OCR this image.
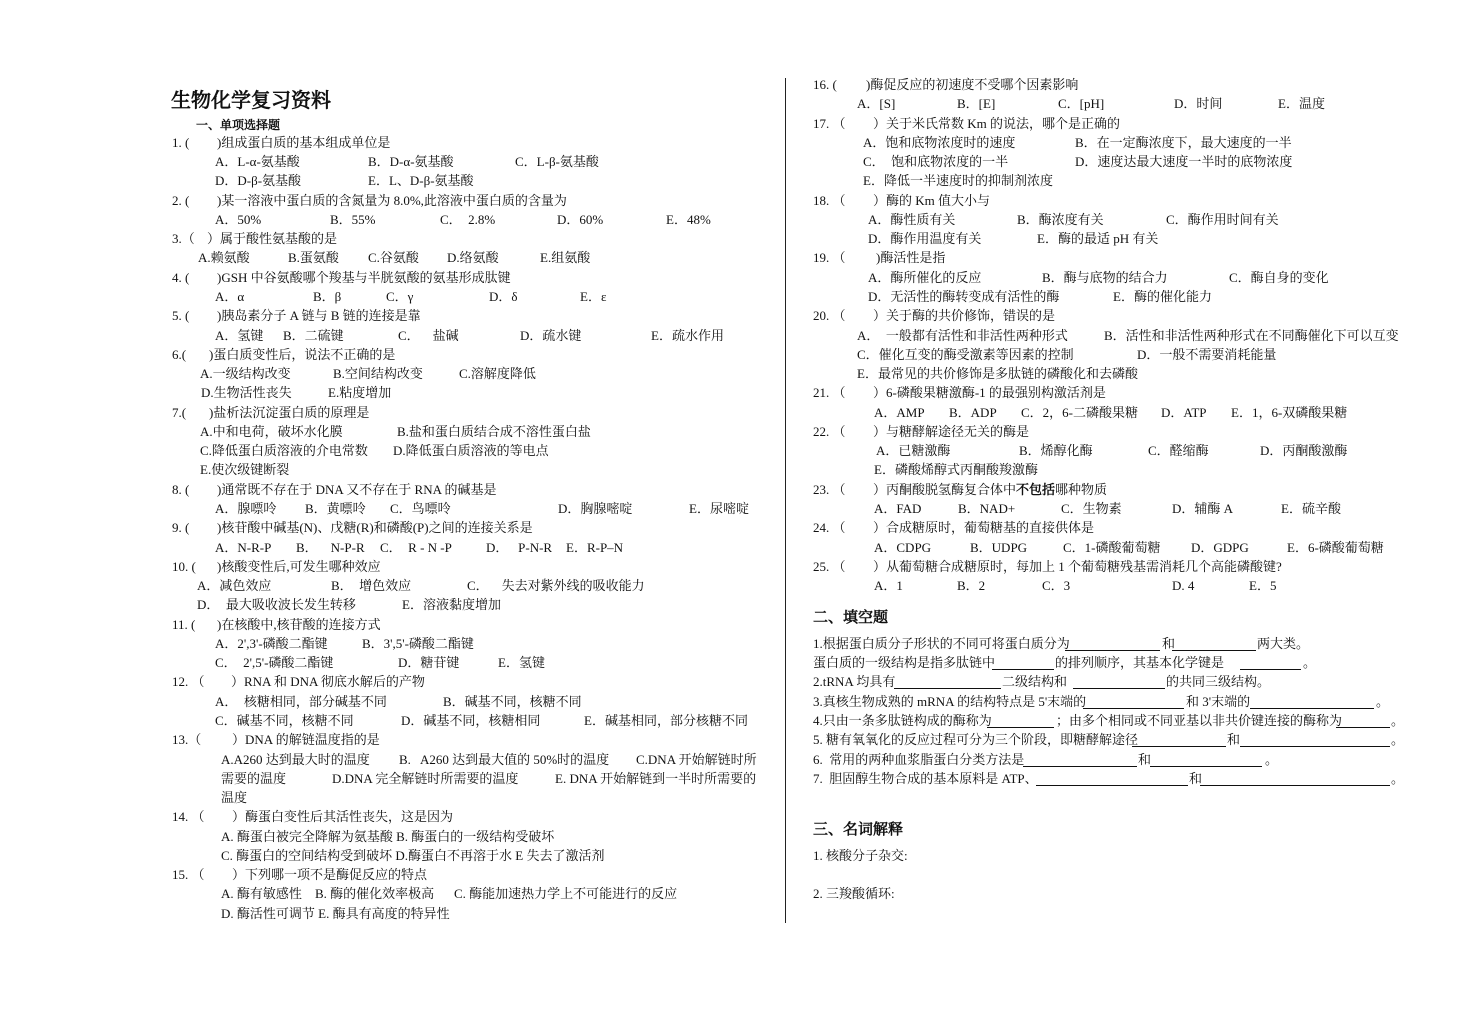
生物化学复习资料
一、单项选择题
二、填空题
三、名词解释
1. 核酸分子杂交:
2. 三羧酸循环:
1. ( )组成蛋白质的基本组成单位是
A．L-α-氨基酸	B．D-α-氨基酸	C．L-β-氨基酸
D．D-β-氨基酸	E．L、D-β-氨基酸
2. ( )某一溶液中蛋白质的含氮量为 8.0%,此溶液中蛋白质的含量为
A．50%	B．55%	C．  2.8%	D．60%	E．48%
3.（ ）属于酸性氨基酸的是
A.赖氨酸	B.蛋氨酸 C.谷氨酸 D.络氨酸	E.组氨酸
4. ( )GSH 中谷氨酸哪个羧基与半胱氨酸的氨基形成肽键
A．α	B．β	C．γ	D．δ	E．ε
5. ( )胰岛素分子 A 链与 B 链的连接是靠
A．氢键 B．二硫键	C．    盐碱	D．疏水键	E．疏水作用
6.( )蛋白质变性后，说法不正确的是
A.一级结构改变	B.空间结构改变	C.溶解度降低
D.生物活性丧失	E.粘度增加
7.( )盐析法沉淀蛋白质的原理是
A.中和电荷，破坏水化膜	B.盐和蛋白质结合成不溶性蛋白盐
C.降低蛋白质溶液的介电常数 D.降低蛋白质溶液的等电点
E.使次级键断裂
8. ( )通常既不存在于 DNA 又不存在于 RNA 的碱基是
A．腺嘌呤 B．黄嘌呤 C．鸟嘌呤	D．胸腺嘧啶	E．尿嘧啶
9. ( )核苷酸中碱基(N)、戊糖(R)和磷酸(P)之间的连接关系是
A．N-R-P B．    N-P-R C．  R - N -P	D．   P-N-R E．R-P–N
10. ( )核酸变性后,可发生哪种效应
A．减色效应	B．  增色效应	C．    失去对紫外线的吸收能力
D．  最大吸收波长发生转移	E．溶液黏度增加
11. ( )在核酸中,核苷酸的连接方式
A．2',3'-磷酸二酯键	B．3',5'-磷酸二酯键
C．  2',5'-磷酸二酯键	D．糖苷键	E．氢键
12. （ ）RNA 和 DNA 彻底水解后的产物
A．  核糖相同，部分碱基不同	B．碱基不同，核糖不同
C．碱基不同，核糖不同	D．碱基不同，核糖相同	E．碱基相同，部分核糖不同
13.（ ）DNA 的解链温度指的是
A.A260 达到最大时的温度 B.   A260 达到最大值的 50%时的温度 C.DNA 开始解链时所
需要的温度	D.DNA 完全解链时所需要的温度	E. DNA 开始解链到一半时所需要的
温度
14. （ ）酶蛋白变性后其活性丧失，这是因为
A. 酶蛋白被完全降解为氨基酸 B. 酶蛋白的一级结构受破坏
C. 酶蛋白的空间结构受到破坏 D.酶蛋白不再溶于水 E 失去了激活剂
15. （ ）下列哪一项不是酶促反应的特点
A. 酶有敏感性 B. 酶的催化效率极高 C. 酶能加速热力学上不可能进行的反应
D. 酶活性可调节 E. 酶具有高度的特异性
16. ( )酶促反应的初速度不受哪个因素影响
A．[S]	B．[E]	C．[pH]	D．时间	E．温度
17. （ ）关于米氏常数 Km 的说法，哪个是正确的
A．饱和底物浓度时的速度	B．在一定酶浓度下，最大速度的一半
C．  饱和底物浓度的一半	D．速度达最大速度一半时的底物浓度
E．降低一半速度时的抑制剂浓度
18. （ ）酶的 Km 值大小与
A．酶性质有关	B．酶浓度有关	C．酶作用时间有关
D．酶作用温度有关	E．酶的最适 pH 有关
19. （ )酶活性是指
A．酶所催化的反应	B．酶与底物的结合力	C．酶自身的变化
D．无活性的酶转变成有活性的酶	E．酶的催化能力
20. （ ）关于酶的共价修饰，错误的是
A．  一般都有活性和非活性两种形式	B．活性和非活性两种形式在不同酶催化下可以互变
C．催化互变的酶受激素等因素的控制	D．一般不需要消耗能量
E．最常见的共价修饰是多肽链的磷酸化和去磷酸
21. （ ）6-磷酸果糖激酶-1 的最强别构激活剂是
A．AMP B．ADP C．2，6-二磷酸果糖 D．ATP E．1，6-双磷酸果糖
22. （ ）与糖酵解途径无关的酶是
A．已糖激酶	B．烯醇化酶	C．醛缩酶	D．丙酮酸激酶
E．磷酸烯醇式丙酮酸羧激酶
23. （ ）丙酮酸脱氢酶复合体中不包括哪种物质
A．FAD	B．NAD+	C．生物素	D．辅酶 A	E．硫辛酸
24. （ ）合成糖原时，葡萄糖基的直接供体是
A．CDPG	B．UDPG	C．1-磷酸葡萄糖 D．GDPG	E．6-磷酸葡萄糖
25. （ ）从葡萄糖合成糖原时，每加上 1 个葡萄糖残基需消耗几个高能磷酸键?
A．1	B．2	C．3	D. 4	E．5
1.根据蛋白质分子形状的不同可将蛋白质分为	和	两大类。
蛋白质的一级结构是指多肽链中	的排列顺序，其基本化学键是	。
2.tRNA 均具有	二级结构和	的共同三级结构。
3.真核生物成熟的 mRNA 的结构特点是 5'末端的	和 3'末端的	。
4.只由一条多肽链构成的酶称为	；由多个相同或不同亚基以非共价键连接的酶称为	。
5. 糖有氧氧化的反应过程可分为三个阶段，即糖酵解途径	和	。
6.  常用的两种血浆脂蛋白分类方法是	和	。
7.  胆固醇生物合成的基本原料是 ATP、	和	。
